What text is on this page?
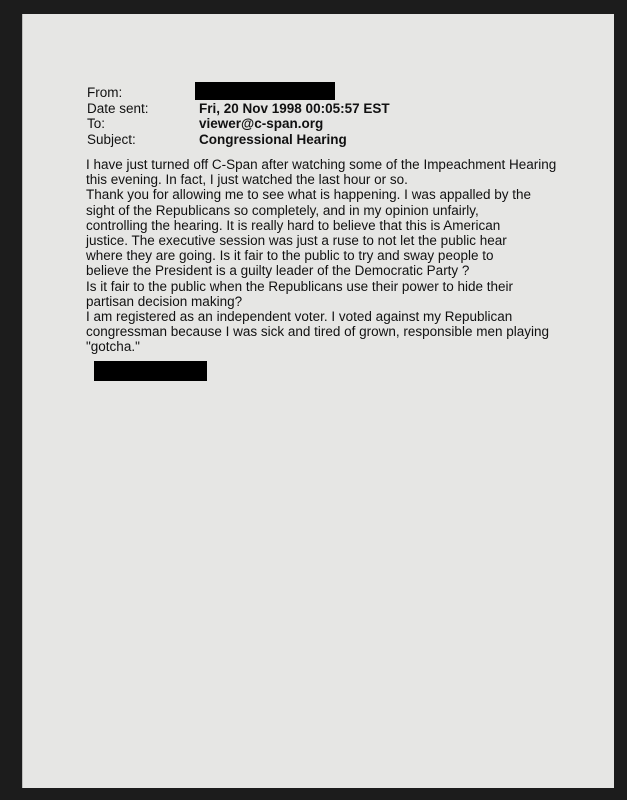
From:
Date sent:	Fri, 20 Nov 1998 00:05:57 EST
To:	viewer@c-span.org
Subject:	Congressional Hearing

I have just turned off C-Span after watching some of the Impeachment Hearing
this evening. In fact, I just watched the last hour or so.

Thank you for allowing me to see what is happening. I was appalled by the
sight of the Republicans so completely, and in my opinion unfairly,
controlling the hearing. It is really hard to believe that this is American
justice. The executive session was just a ruse to not let the public hear
where they are going. Is it fair to the public to try and sway people to
believe the President is a guilty leader of the Democratic Party ?
Is it fair to the public when the Republicans use their power to hide their
partisan decision making?

I am registered as an independent voter. I voted against my Republican
congressman because I was sick and tired of grown, responsible men playing
"gotcha."
